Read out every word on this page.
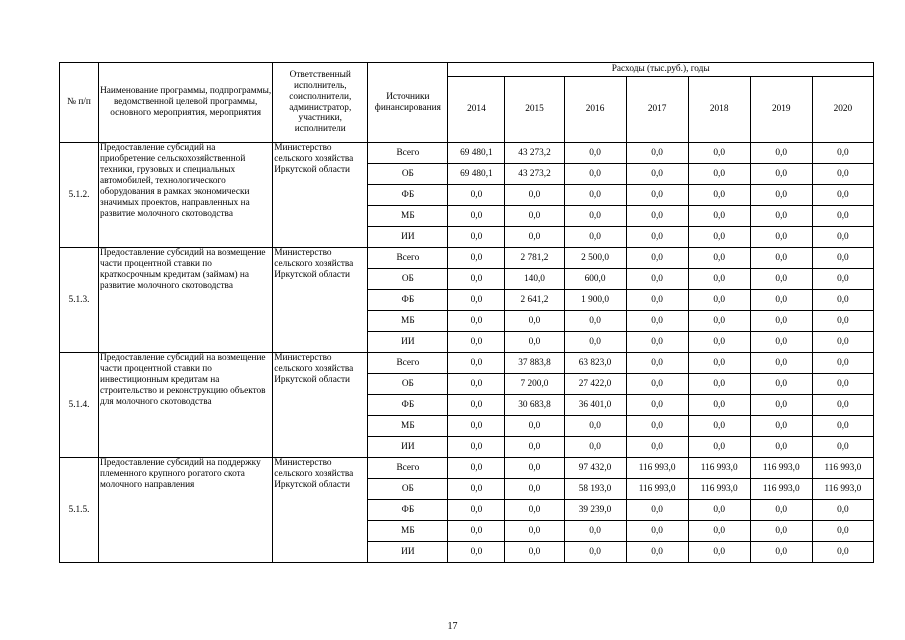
№ п/п	Наименование программы, подпрограммы, ведомственной целевой программы, основного мероприятия, мероприятия	Ответственный исполнитель, соисполнители, администратор, участники, исполнители	Источники финансирования	Расходы (тыс.руб.), годы						
				2014	2015	2016	2017	2018	2019	2020
5.1.2.	Предоставление субсидий на приобретение сельскохозяйственной техники, грузовых и специальных автомобилей, технологического оборудования в рамках экономически значимых проектов, направленных на развитие молочного скотоводства	Министерство сельского хозяйства Иркутской области	Всего	69 480,1	43 273,2	0,0	0,0	0,0	0,0	0,0
			ОБ	69 480,1	43 273,2	0,0	0,0	0,0	0,0	0,0
			ФБ	0,0	0,0	0,0	0,0	0,0	0,0	0,0
			МБ	0,0	0,0	0,0	0,0	0,0	0,0	0,0
			ИИ	0,0	0,0	0,0	0,0	0,0	0,0	0,0
5.1.3.	Предоставление субсидий на возмещение части процентной ставки по краткосрочным кредитам (займам) на развитие молочного скотоводства	Министерство сельского хозяйства Иркутской области	Всего	0,0	2 781,2	2 500,0	0,0	0,0	0,0	0,0
			ОБ	0,0	140,0	600,0	0,0	0,0	0,0	0,0
			ФБ	0,0	2 641,2	1 900,0	0,0	0,0	0,0	0,0
			МБ	0,0	0,0	0,0	0,0	0,0	0,0	0,0
			ИИ	0,0	0,0	0,0	0,0	0,0	0,0	0,0
5.1.4.	Предоставление субсидий на возмещение части процентной ставки по инвестиционным кредитам на строительство и реконструкцию объектов для молочного скотоводства	Министерство сельского хозяйства Иркутской области	Всего	0,0	37 883,8	63 823,0	0,0	0,0	0,0	0,0
			ОБ	0,0	7 200,0	27 422,0	0,0	0,0	0,0	0,0
			ФБ	0,0	30 683,8	36 401,0	0,0	0,0	0,0	0,0
			МБ	0,0	0,0	0,0	0,0	0,0	0,0	0,0
			ИИ	0,0	0,0	0,0	0,0	0,0	0,0	0,0
5.1.5.	Предоставление субсидий на поддержку племенного крупного рогатого скота молочного направления	Министерство сельского хозяйства Иркутской области	Всего	0,0	0,0	97 432,0	116 993,0	116 993,0	116 993,0	116 993,0
			ОБ	0,0	0,0	58 193,0	116 993,0	116 993,0	116 993,0	116 993,0
			ФБ	0,0	0,0	39 239,0	0,0	0,0	0,0	0,0
			МБ	0,0	0,0	0,0	0,0	0,0	0,0	0,0
			ИИ	0,0	0,0	0,0	0,0	0,0	0,0	0,0
17
